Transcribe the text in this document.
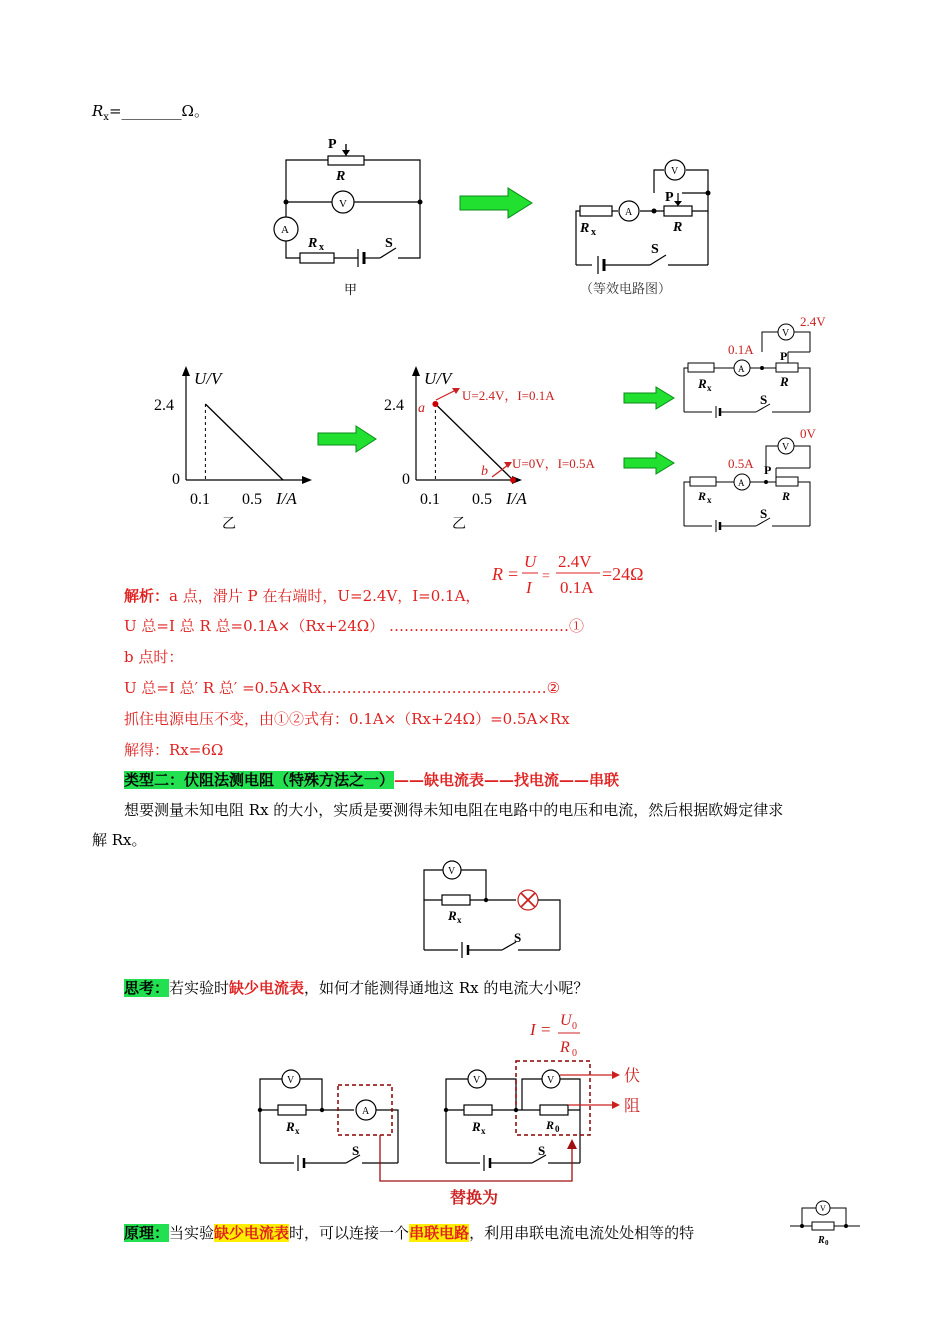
$R_x=\_\_\_\_\_\_\_\_\Omega$。
P
R
V
A
R x	S
甲
V
A
P
R
R x
S
（等效电路图）
U/V
2.4
0
0.1 0.5 I/A
乙
U/V
2.4
0
0.1 0.5 I/A
乙
a
b
U=2.4V，I=0.1A
U=0V，I=0.5A
V
A
2.4V
0.1A P
R
R x
S
V
A
0V
0.5A P
R
R x
S
R =
U
I
=
2.4V
0.1A
=24Ω
解析：a 点，滑片 P 在右端时，U=2.4V，I=0.1A，
U 总=I 总 R 总=0.1A×（Rx+24Ω） ………………………………①
b 点时：
U 总=I 总′ R 总′ =0.5A×Rx………………………………………②
抓住电源电压不变，由①②式有：0.1A×（Rx+24Ω）=0.5A×Rx
解得：Rx=6Ω
类型二：伏阻法测电阻（特殊方法之一）——缺电流表——找电流——串联
想要测量未知电阻 Rx 的大小，实质是要测得未知电阻在电路中的电压和电流，然后根据欧姆定律求
解 Rx。
V
R x
S
思考：若实验时缺少电流表，如何才能测得通地这 Rx 的电流大小呢？
I = U 0
R 0
V
A
R x
S
V	V
R x	R 0
S
伏
阻
替换为
原理：当实验缺少电流表时，可以连接一个串联电路，利用串联电流电流处处相等的特
V
R 0
